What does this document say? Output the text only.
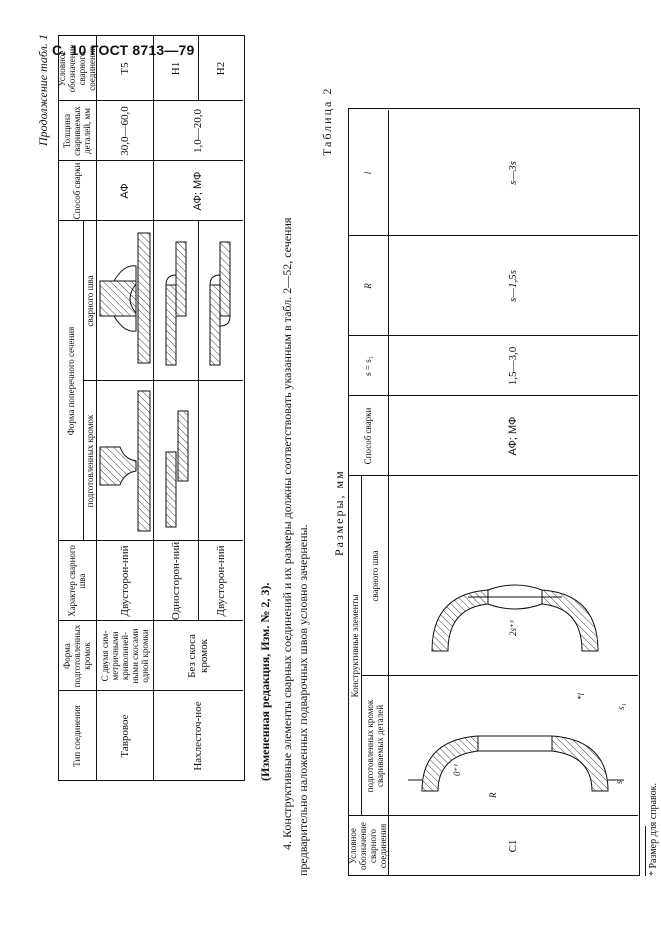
С. 10 ГОСТ 8713—79
Продолжение табл. 1
Тип соединения
Форма подготовленных кромок
Характер сварного шва
Форма поперечного сечения
подготовленных кромок
сварного шва
Способ сварки
Толщина свариваемых деталей, мм
Условное обозначение сварного соединения
Тавровое
С двумя сим-метричными криволиней-ными скосами одной кромки
Двусторон-ний
АФ
30,0—60,0
Т5
Нахлесточ-ное
Без скоса кромок
Односторон-ний	Двусторон-ний
АФ; МФ
1,0—20,0
Н1	Н2
(Измененная редакция, Изм. № 2, 3). 4. Конструктивные элементы сварных соединений и их размеры должны соответствовать указанным в табл. 2—52, сечения предварительно наложенных подварочных швов условно зачернены.
Таблица 2
Размеры, мм
Условное обозначение сварного соединения
Конструктивные элементы
подготовленных кромок свариваемых деталей
сварного шва
Способ сварки
s = s₁
R
l
С1
АФ; МФ
1,5—3,0
s—1,5s
s—3s
0⁺¹
R
s
s₁
*l
2s⁺³
* Размер для справок.
